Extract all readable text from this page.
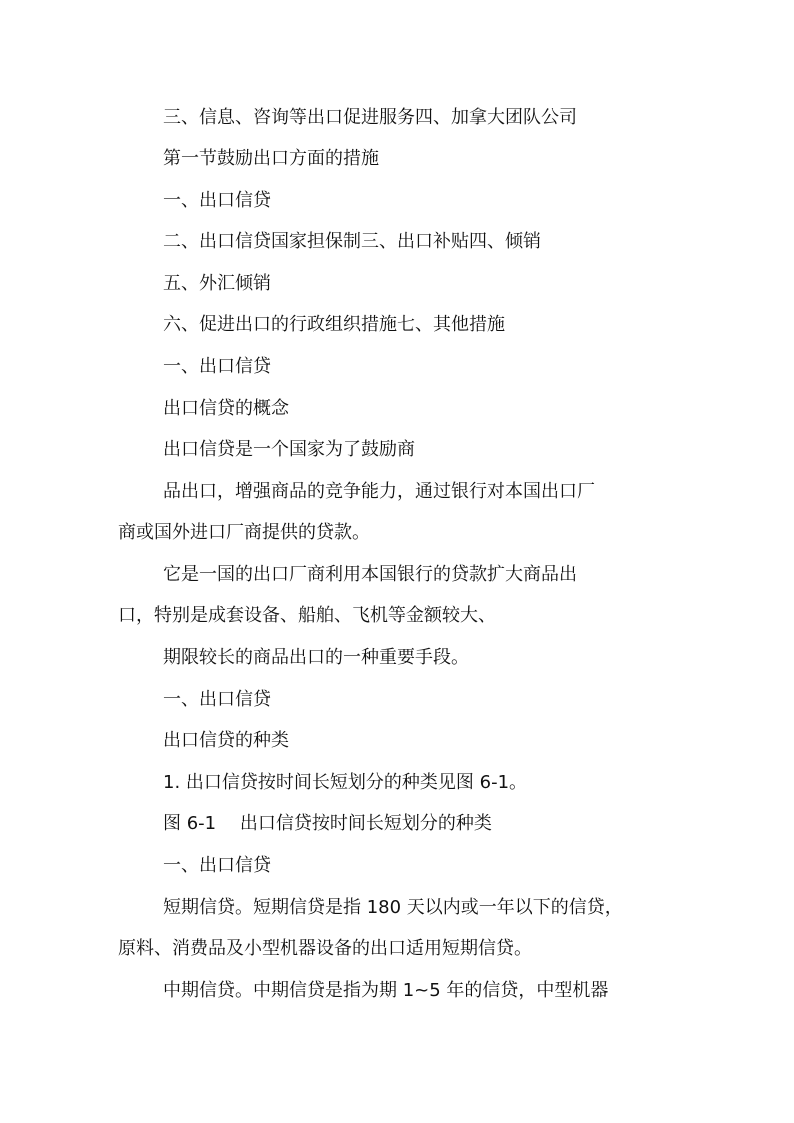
三、信息、咨询等出口促进服务四、加拿大团队公司
第一节鼓励出口方面的措施
一、出口信贷
二、出口信贷国家担保制三、出口补贴四、倾销
五、外汇倾销
六、促进出口的行政组织措施七、其他措施
一、出口信贷
出口信贷的概念
出口信贷是一个国家为了鼓励商
品出口，增强商品的竞争能力，通过银行对本国出口厂
商或国外进口厂商提供的贷款。
它是一国的出口厂商利用本国银行的贷款扩大商品出
口，特别是成套设备、船舶、飞机等金额较大、
期限较长的商品出口的一种重要手段。
一、出口信贷
出口信贷的种类
1. 出口信贷按时间长短划分的种类见图 6-1。
图 6-1　 出口信贷按时间长短划分的种类
一、出口信贷
短期信贷。短期信贷是指 180 天以内或一年以下的信贷，
原料、消费品及小型机器设备的出口适用短期信贷。
中期信贷。中期信贷是指为期 1~5 年的信贷，中型机器
